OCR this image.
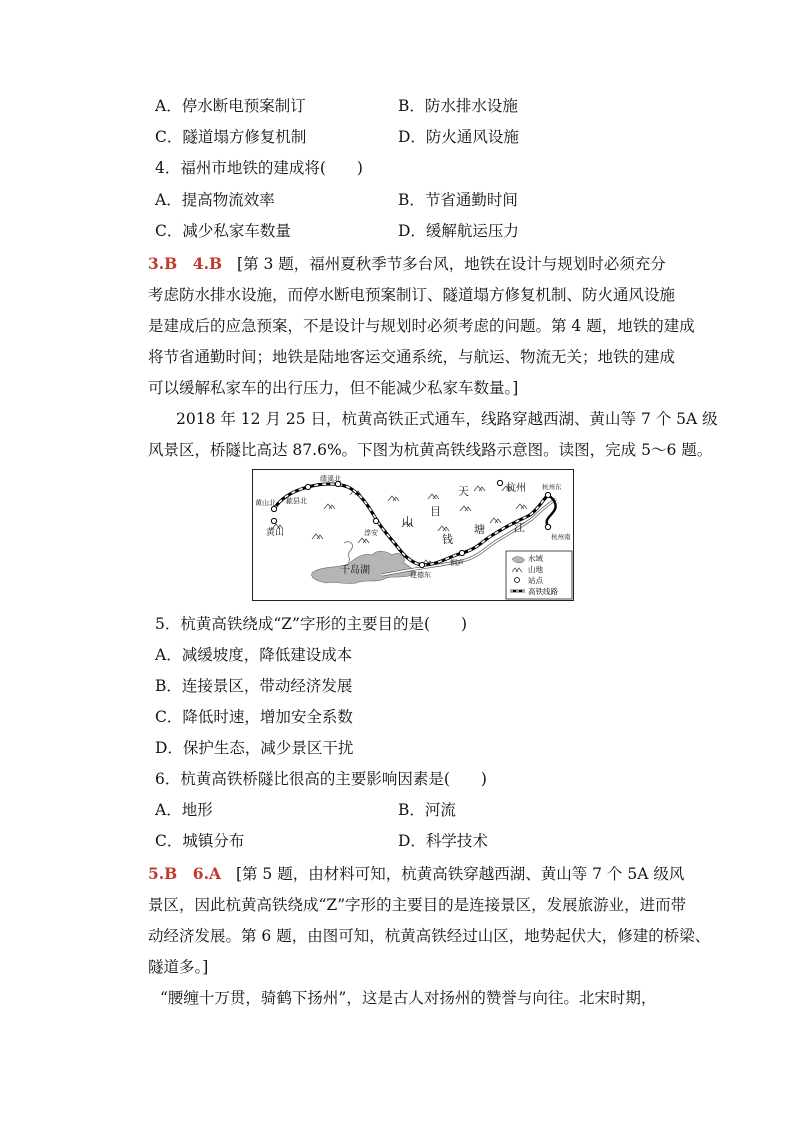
A．停水断电预案制订	B．防水排水设施
C．隧道塌方修复机制	D．防火通风设施
4．福州市地铁的建成将(　　)
A．提高物流效率	B．节省通勤时间
C．减少私家车数量	D．缓解航运压力
3.B　4.B [第 3 题，福州夏秋季节多台风，地铁在设计与规划时必须充分
考虑防水排水设施，而停水断电预案制订、隧道塌方修复机制、防火通风设施
是建成后的应急预案，不是设计与规划时必须考虑的问题。第 4 题，地铁的建成
将节省通勤时间；地铁是陆地客运交通系统，与航运、物流无关；地铁的建成
可以缓解私家车的出行压力，但不能减少私家车数量。]
2018 年 12 月 25 日，杭黄高铁正式通车，线路穿越西湖、黄山等 7 个 5A 级
风景区，桥隧比高达 87.6%。下图为杭黄高铁线路示意图。读图，完成 5～6 题。
黄山北 歙县北
绩溪北
黄山	淳安
千岛湖	建德东
桐庐
天
目
山
钱
塘	江
杭州 杭州东
杭州南
水域
山地
站点
高铁线路
5．杭黄高铁绕成“Z”字形的主要目的是(　　)
A．减缓坡度，降低建设成本
B．连接景区，带动经济发展
C．降低时速，增加安全系数
D．保护生态，减少景区干扰
6．杭黄高铁桥隧比很高的主要影响因素是(　　)
A．地形	B．河流
C．城镇分布	D．科学技术
5.B　6.A [第 5 题，由材料可知，杭黄高铁穿越西湖、黄山等 7 个 5A 级风
景区，因此杭黄高铁绕成“Z”字形的主要目的是连接景区，发展旅游业，进而带
动经济发展。第 6 题，由图可知，杭黄高铁经过山区，地势起伏大，修建的桥梁、
隧道多。]
“腰缠十万贯，骑鹤下扬州”，这是古人对扬州的赞誉与向往。北宋时期，
